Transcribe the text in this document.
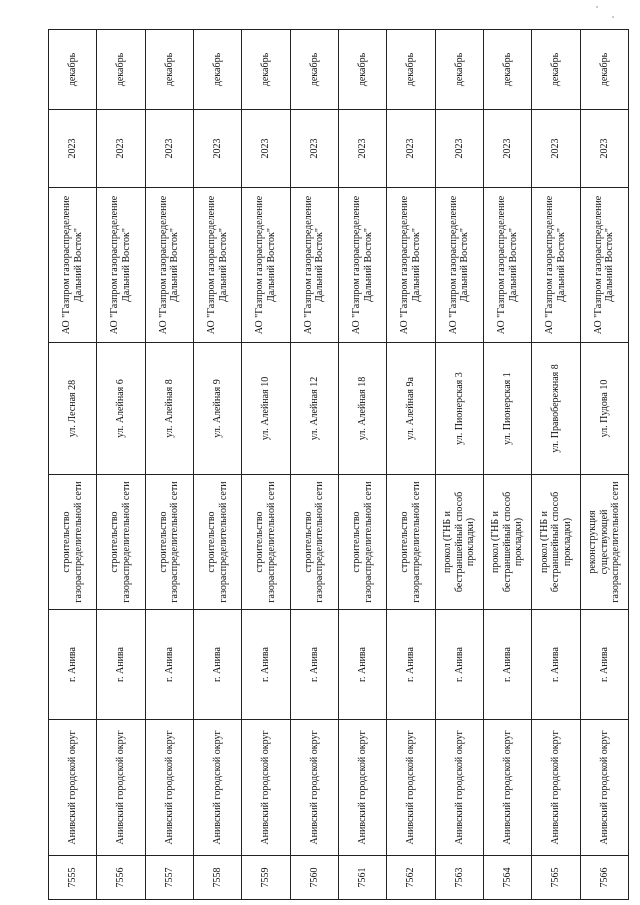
7555	Анивский городской округ	г. Анива	строительство газораспределительной сети	ул. Лесная 28	АО "Газпром газораспределение Дальний Восток"	2023	декабрь
7556	Анивский городской округ	г. Анива	строительство газораспределительной сети	ул. Алейная 6	АО "Газпром газораспределение Дальний Восток"	2023	декабрь
7557	Анивский городской округ	г. Анива	строительство газораспределительной сети	ул. Алейная 8	АО "Газпром газораспределение Дальний Восток"	2023	декабрь
7558	Анивский городской округ	г. Анива	строительство газораспределительной сети	ул. Алейная 9	АО "Газпром газораспределение Дальний Восток"	2023	декабрь
7559	Анивский городской округ	г. Анива	строительство газораспределительной сети	ул. Алейная 10	АО "Газпром газораспределение Дальний Восток"	2023	декабрь
7560	Анивский городской округ	г. Анива	строительство газораспределительной сети	ул. Алейная 12	АО "Газпром газораспределение Дальний Восток"	2023	декабрь
7561	Анивский городской округ	г. Анива	строительство газораспределительной сети	ул. Алейная 18	АО "Газпром газораспределение Дальний Восток"	2023	декабрь
7562	Анивский городской округ	г. Анива	строительство газораспределительной сети	ул. Алейная 9а	АО "Газпром газораспределение Дальний Восток"	2023	декабрь
7563	Анивский городской округ	г. Анива	прокол (ГНБ и бестраншейный способ прокладки)	ул. Пионерская 3	АО "Газпром газораспределение Дальний Восток"	2023	декабрь
7564	Анивский городской округ	г. Анива	прокол (ГНБ и бестраншейный способ прокладки)	ул. Пионерская 1	АО "Газпром газораспределение Дальний Восток"	2023	декабрь
7565	Анивский городской округ	г. Анива	прокол (ГНБ и бестраншейный способ прокладки)	ул. Правобережная 8	АО "Газпром газораспределение Дальний Восток"	2023	декабрь
7566	Анивский городской округ	г. Анива	реконструкция существующей газораспределительной сети	ул. Пудова 10	АО "Газпром газораспределение Дальний Восток"	2023	декабрь
